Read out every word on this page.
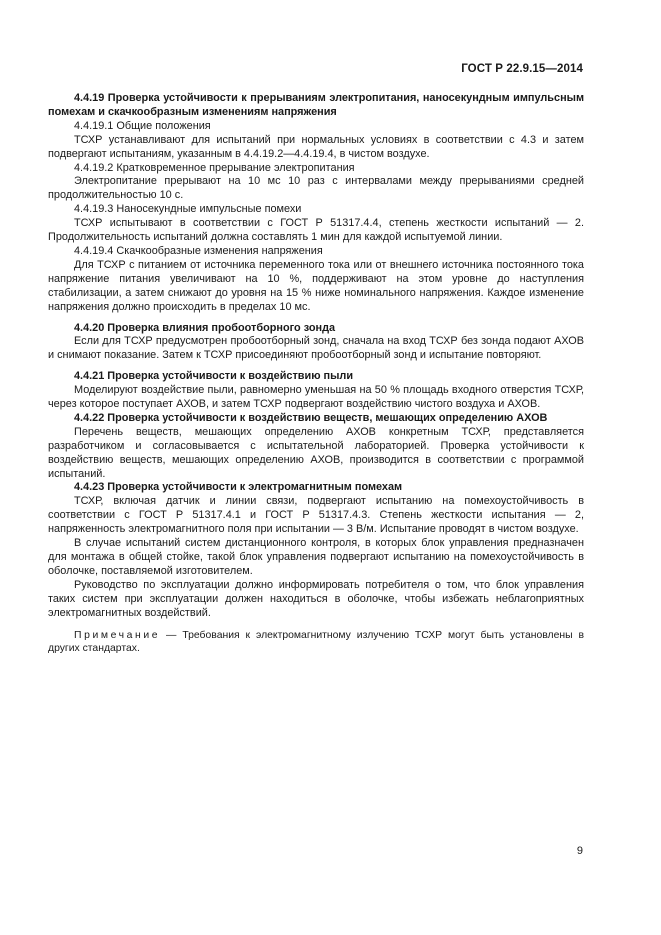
ГОСТ Р 22.9.15—2014

4.4.19 Проверка устойчивости к прерываниям электропитания, наносекундным импульсным помехам и скачкообразным изменениям напряжения

4.4.19.1 Общие положения

ТСХР устанавливают для испытаний при нормальных условиях в соответствии с 4.3 и затем подвергают испытаниям, указанным в 4.4.19.2—4.4.19.4, в чистом воздухе.

4.4.19.2 Кратковременное прерывание электропитания

Электропитание прерывают на 10 мс 10 раз с интервалами между прерываниями средней продолжительностью 10 с.

4.4.19.3 Наносекундные импульсные помехи

ТСХР испытывают в соответствии с ГОСТ Р 51317.4.4, степень жесткости испытаний — 2. Продолжительность испытаний должна составлять 1 мин для каждой испытуемой линии.

4.4.19.4 Скачкообразные изменения напряжения

Для ТСХР с питанием от источника переменного тока или от внешнего источника постоянного тока напряжение питания увеличивают на 10 %, поддерживают на этом уровне до наступления стабилизации, а затем снижают до уровня на 15 % ниже номинального напряжения. Каждое изменение напряжения должно происходить в пределах 10 мс.

4.4.20 Проверка влияния пробоотборного зонда

Если для ТСХР предусмотрен пробоотборный зонд, сначала на вход ТСХР без зонда подают АХОВ и снимают показание. Затем к ТСХР присоединяют пробоотборный зонд и испытание повторяют.

4.4.21 Проверка устойчивости к воздействию пыли

Моделируют воздействие пыли, равномерно уменьшая на 50 % площадь входного отверстия ТСХР, через которое поступает АХОВ, и затем ТСХР подвергают воздействию чистого воздуха и АХОВ.

4.4.22 Проверка устойчивости к воздействию веществ, мешающих определению АХОВ

Перечень веществ, мешающих определению АХОВ конкретным ТСХР, представляется разработчиком и согласовывается с испытательной лабораторией. Проверка устойчивости к воздействию веществ, мешающих определению АХОВ, производится в соответствии с программой испытаний.

4.4.23 Проверка устойчивости к электромагнитным помехам

ТСХР, включая датчик и линии связи, подвергают испытанию на помехоустойчивость в соответствии с ГОСТ Р 51317.4.1 и ГОСТ Р 51317.4.3. Степень жесткости испытания — 2, напряженность электромагнитного поля при испытании — 3 В/м. Испытание проводят в чистом воздухе.

В случае испытаний систем дистанционного контроля, в которых блок управления предназначен для монтажа в общей стойке, такой блок управления подвергают испытанию на помехоустойчивость в оболочке, поставляемой изготовителем.

Руководство по эксплуатации должно информировать потребителя о том, что блок управления таких систем при эксплуатации должен находиться в оболочке, чтобы избежать неблагоприятных электромагнитных воздействий.

Примечание — Требования к электромагнитному излучению ТСХР могут быть установлены в других стандартах.

9
